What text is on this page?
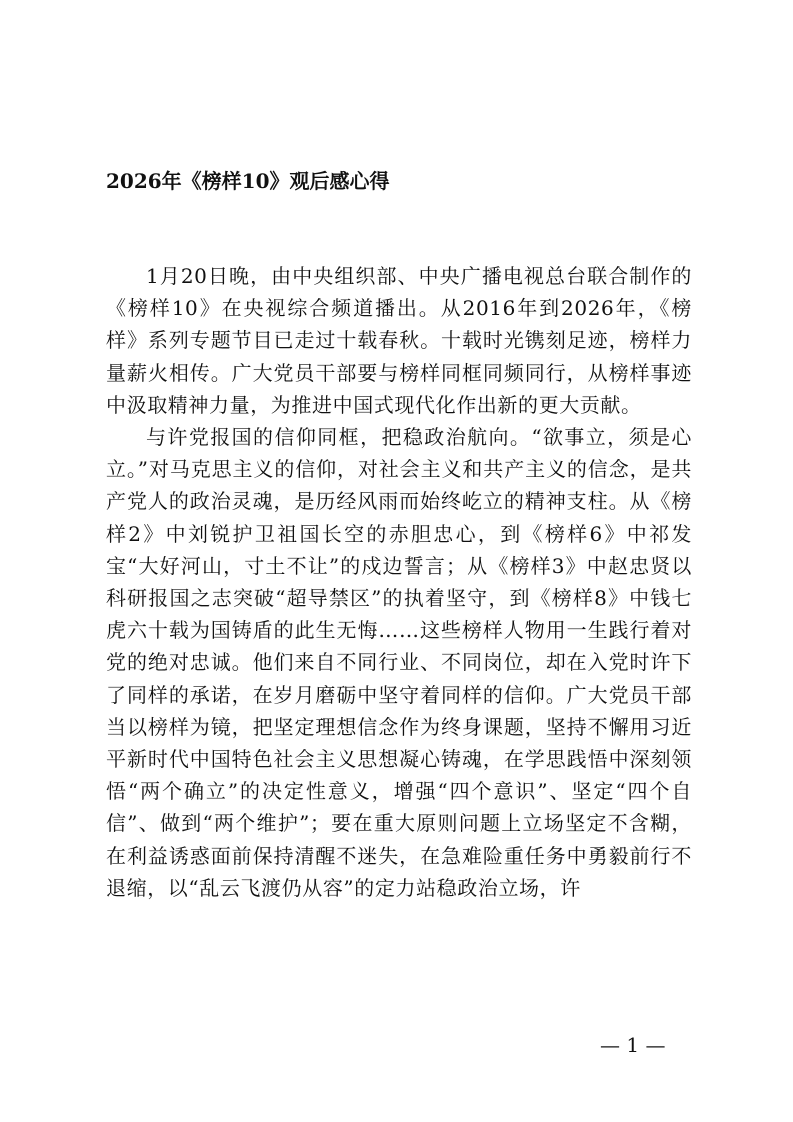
2026年《榜样10》观后感心得

1月20日晚，由中央组织部、中央广播电视总台联合制作的《榜样10》在央视综合频道播出。从2016年到2026年，《榜样》系列专题节目已走过十载春秋。十载时光镌刻足迹，榜样力量薪火相传。广大党员干部要与榜样同框同频同行，从榜样事迹中汲取精神力量，为推进中国式现代化作出新的更大贡献。

与许党报国的信仰同框，把稳政治航向。“欲事立，须是心立。”对马克思主义的信仰，对社会主义和共产主义的信念，是共产党人的政治灵魂，是历经风雨而始终屹立的精神支柱。从《榜样2》中刘锐护卫祖国长空的赤胆忠心，到《榜样6》中祁发宝“大好河山，寸土不让”的戍边誓言；从《榜样3》中赵忠贤以科研报国之志突破“超导禁区”的执着坚守，到《榜样8》中钱七虎六十载为国铸盾的此生无悔……这些榜样人物用一生践行着对党的绝对忠诚。他们来自不同行业、不同岗位，却在入党时许下了同样的承诺，在岁月磨砺中坚守着同样的信仰。广大党员干部当以榜样为镜，把坚定理想信念作为终身课题，坚持不懈用习近平新时代中国特色社会主义思想凝心铸魂，在学思践悟中深刻领悟“两个确立”的决定性意义，增强“四个意识”、坚定“四个自信”、做到“两个维护”；要在重大原则问题上立场坚定不含糊，在利益诱惑面前保持清醒不迷失，在急难险重任务中勇毅前行不退缩，以“乱云飞渡仍从容”的定力站稳政治立场，许

— 1 —
